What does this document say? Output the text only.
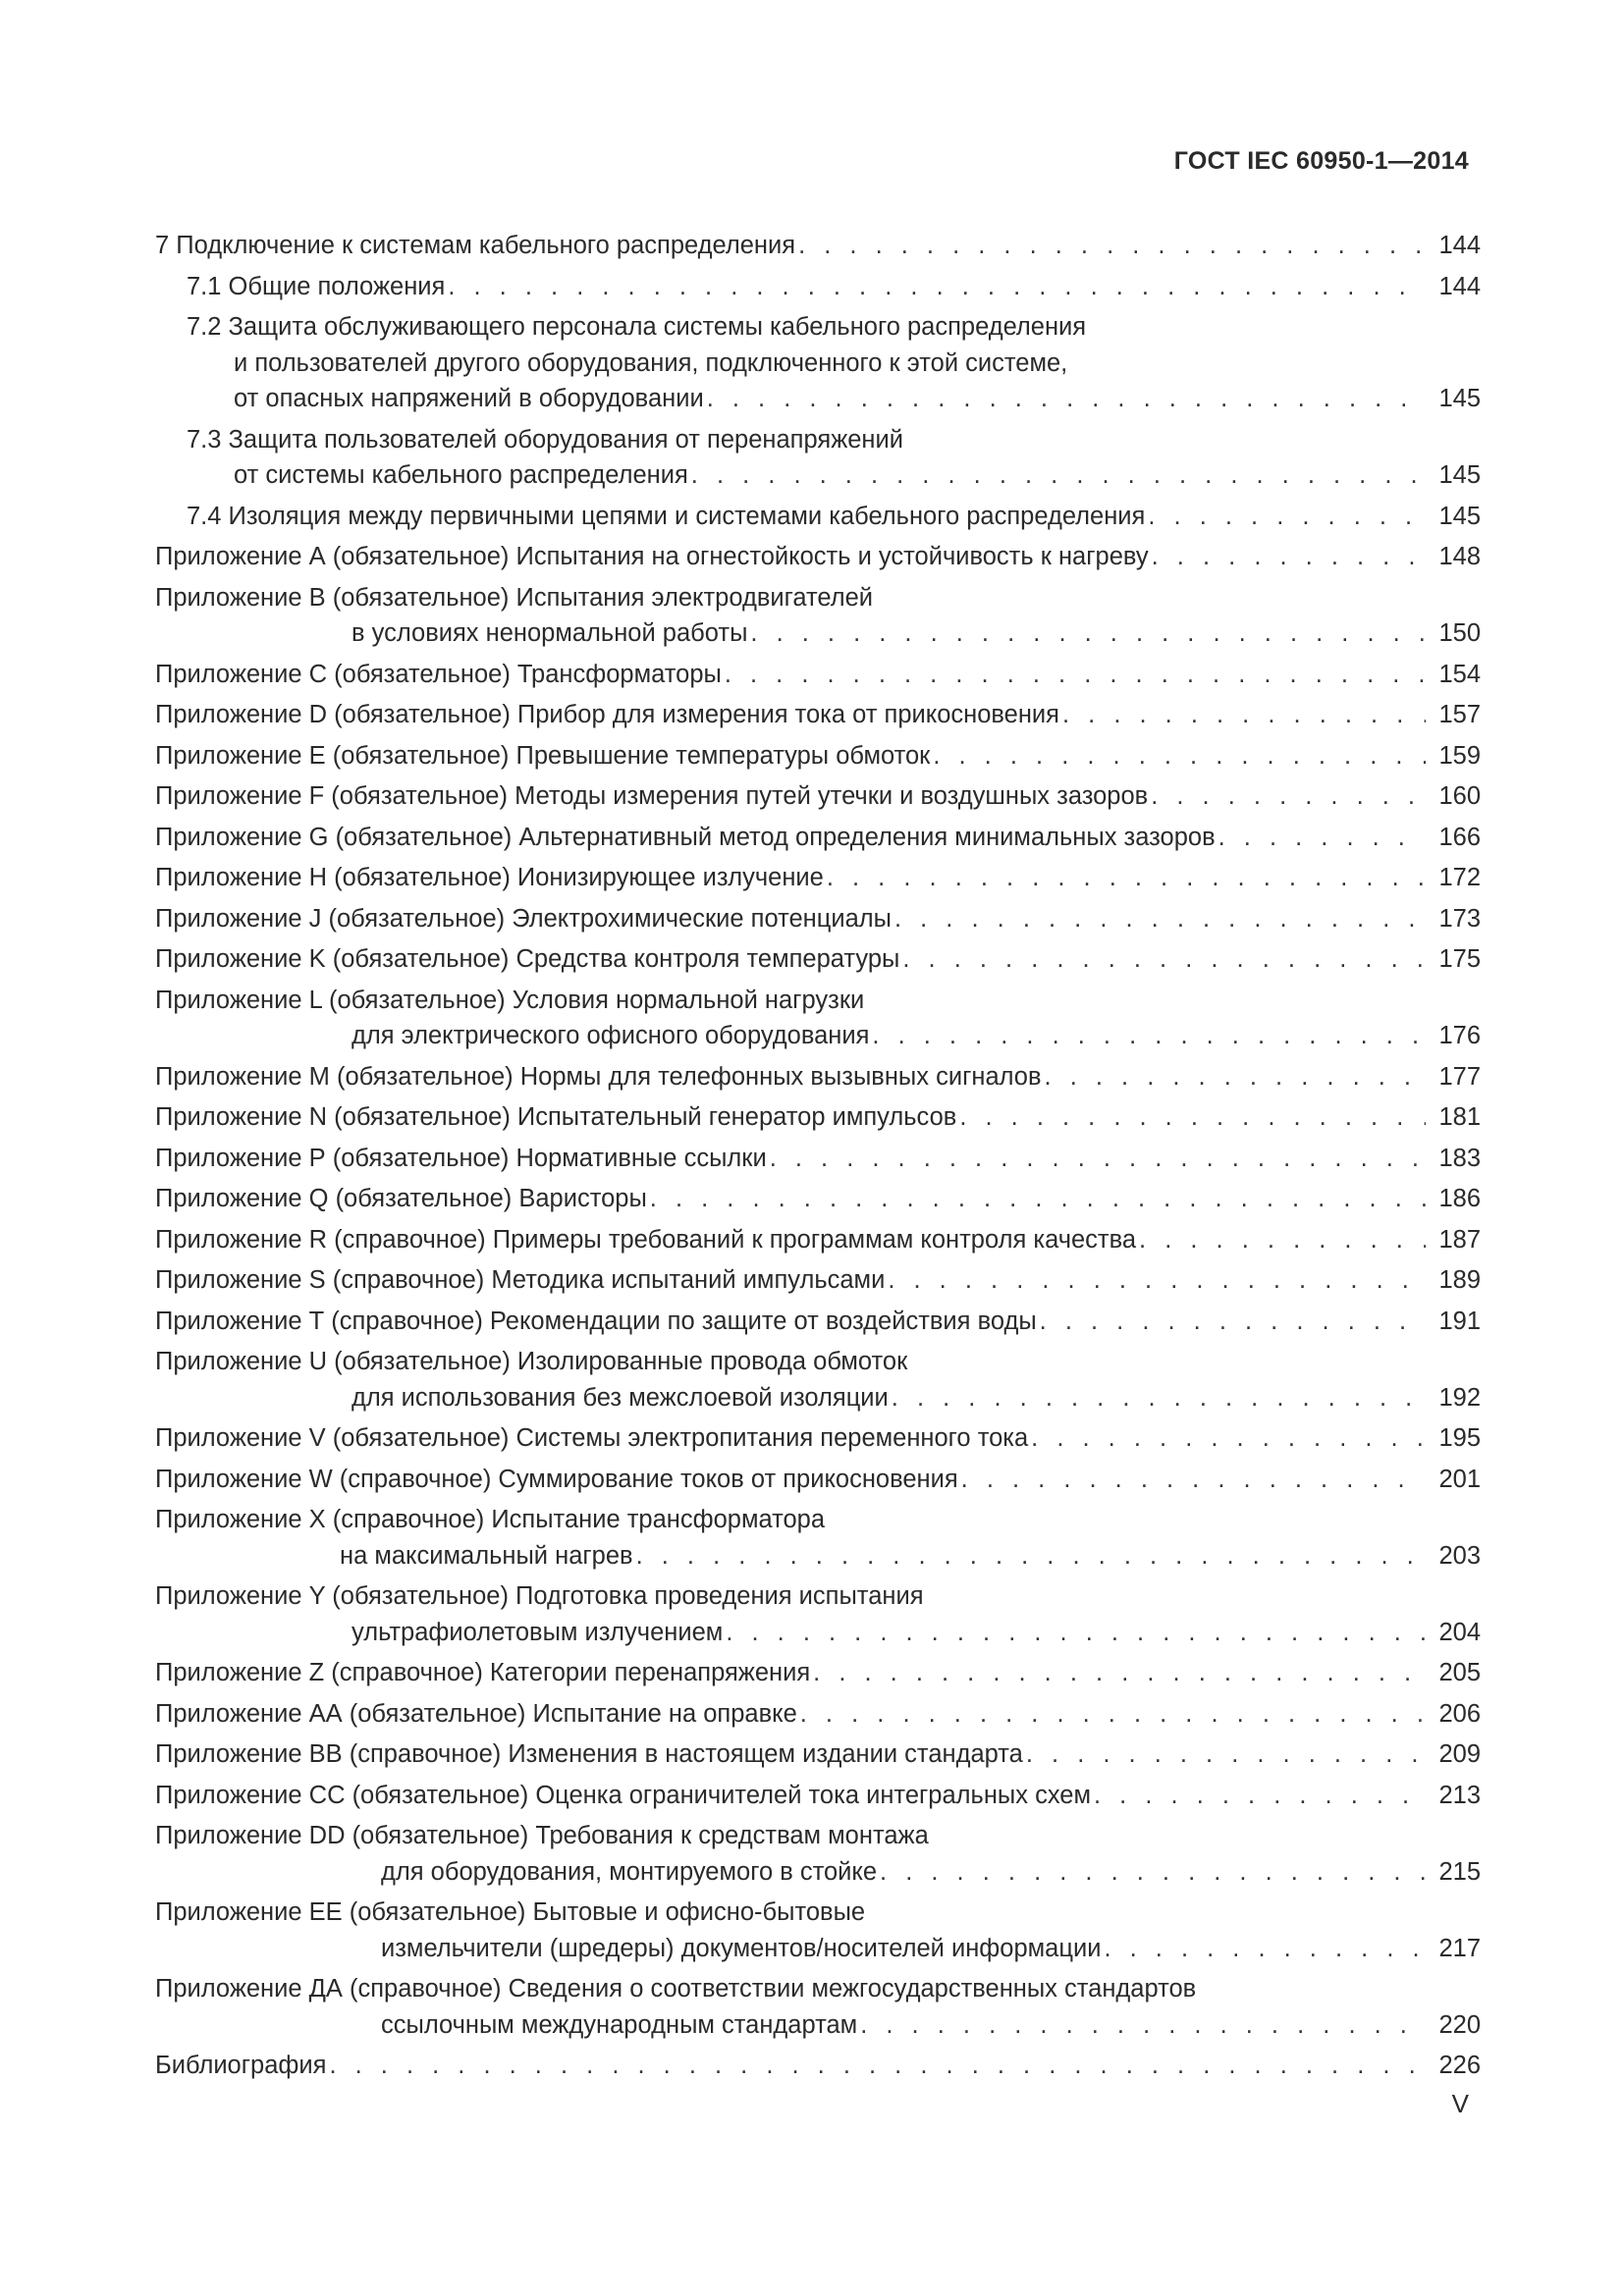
ГОСТ IEC 60950-1—2014
7 Подключение к системам кабельного распределения . . .	144
7.1 Общие положения . . .	144
7.2 Защита обслуживающего персонала системы кабельного распределения
и пользователей другого оборудования, подключенного к этой системе,
от опасных напряжений в оборудовании . . .	145
7.3 Защита пользователей оборудования от перенапряжений
от системы кабельного распределения . . .	145
7.4 Изоляция между первичными цепями и системами кабельного распределения . . .	145
Приложение А (обязательное) Испытания на огнестойкость и устойчивость к нагреву . . .	148
Приложение В (обязательное) Испытания электродвигателей
в условиях ненормальной работы . . .	150
Приложение С (обязательное) Трансформаторы . . .	154
Приложение D (обязательное) Прибор для измерения тока от прикосновения . . .	157
Приложение Е (обязательное) Превышение температуры обмоток . . .	159
Приложение F (обязательное) Методы измерения путей утечки и воздушных зазоров . . .	160
Приложение G (обязательное) Альтернативный метод определения минимальных зазоров . . .	166
Приложение Н (обязательное) Ионизирующее излучение . . .	172
Приложение J (обязательное) Электрохимические потенциалы . . .	173
Приложение K (обязательное) Средства контроля температуры . . .	175
Приложение L (обязательное) Условия нормальной нагрузки
для электрического офисного оборудования . . .	176
Приложение М (обязательное) Нормы для телефонных вызывных сигналов . . .	177
Приложение N (обязательное) Испытательный генератор импульсов . . .	181
Приложение Р (обязательное) Нормативные ссылки . . .	183
Приложение Q (обязательное) Варисторы . . .	186
Приложение R (справочное) Примеры требований к программам контроля качества . . .	187
Приложение S (справочное) Методика испытаний импульсами . . .	189
Приложение Т (справочное) Рекомендации по защите от воздействия воды . . .	191
Приложение U (обязательное) Изолированные провода обмоток
для использования без межслоевой изоляции . . .	192
Приложение V (обязательное) Системы электропитания переменного тока . . .	195
Приложение W (справочное) Суммирование токов от прикосновения . . .	201
Приложение X (справочное) Испытание трансформатора
на максимальный нагрев . . .	203
Приложение Y (обязательное) Подготовка проведения испытания
ультрафиолетовым излучением . . .	204
Приложение Z (справочное) Категории перенапряжения . . .	205
Приложение АА (обязательное) Испытание на оправке . . .	206
Приложение ВВ (справочное) Изменения в настоящем издании стандарта . . .	209
Приложение СС (обязательное) Оценка ограничителей тока интегральных схем . . .	213
Приложение DD (обязательное) Требования к средствам монтажа
для оборудования, монтируемого в стойке . . .	215
Приложение ЕЕ (обязательное) Бытовые и офисно-бытовые
измельчители (шредеры) документов/носителей информации . . .	217
Приложение ДА (справочное) Сведения о соответствии межгосударственных стандартов
ссылочным международным стандартам . . .	220
Библиография . . .	226
V
